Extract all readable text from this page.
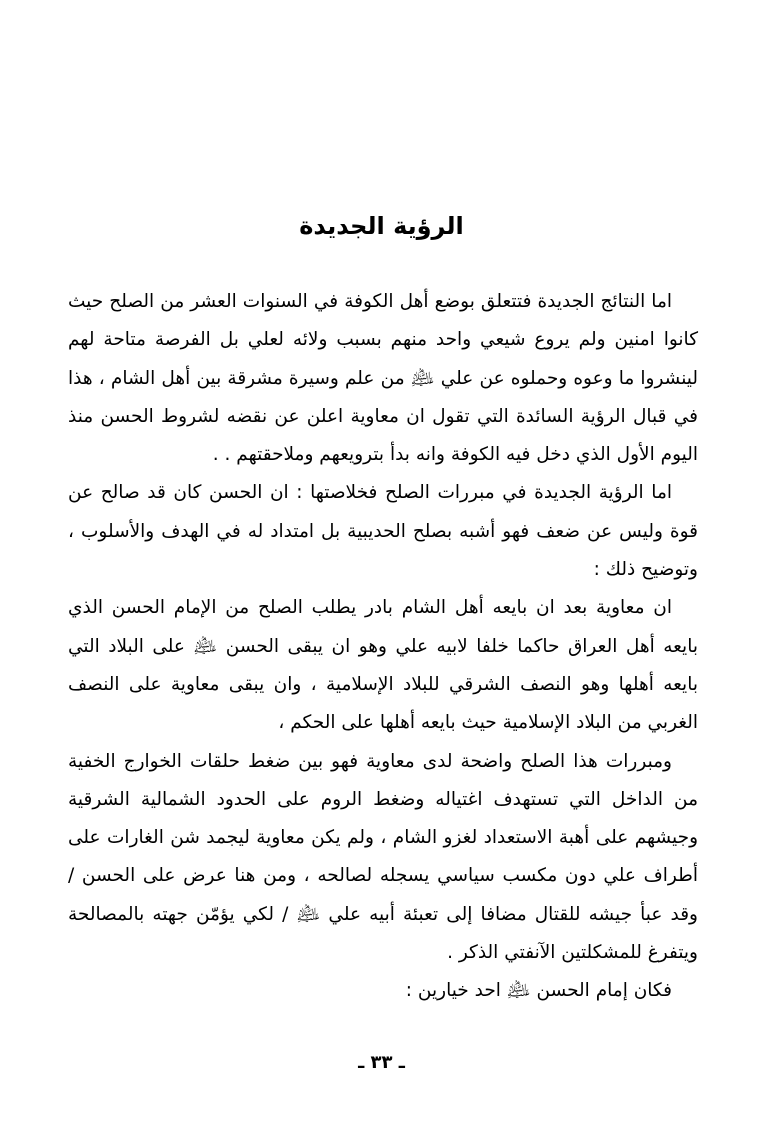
الرؤية الجديدة

اما النتائج الجديدة فتتعلق بوضع أهل الكوفة في السنوات العشر من الصلح حيث كانوا امنين ولم يروع شيعي واحد منهم بسبب ولائه لعلي بل الفرصة متاحة لهم لينشروا ما وعوه وحملوه عن علي ﵇ من علم وسيرة مشرقة بين أهل الشام ، هذا في قبال الرؤية السائدة التي تقول ان معاوية اعلن عن نقضه لشروط الحسن منذ اليوم الأول الذي دخل فيه الكوفة وانه بدأ بترويعهم وملاحقتهم . .

اما الرؤية الجديدة في مبررات الصلح فخلاصتها : ان الحسن كان قد صالح عن قوة وليس عن ضعف فهو أشبه بصلح الحديبية بل امتداد له في الهدف والأسلوب ، وتوضيح ذلك :

ان معاوية بعد ان بايعه أهل الشام بادر يطلب الصلح من الإمام الحسن الذي بايعه أهل العراق حاكما خلفا لابيه علي وهو ان يبقى الحسن ﵇ على البلاد التي بايعه أهلها وهو النصف الشرقي للبلاد الإسلامية ، وان يبقى معاوية على النصف الغربي من البلاد الإسلامية حيث بايعه أهلها على الحكم ،

ومبررات هذا الصلح واضحة لدى معاوية فهو بين ضغط حلقات الخوارج الخفية من الداخل التي تستهدف اغتياله وضغط الروم على الحدود الشمالية الشرقية وجيشهم على أهبة الاستعداد لغزو الشام ، ولم يكن معاوية ليجمد شن الغارات على أطراف علي دون مكسب سياسي يسجله لصالحه ، ومن هنا عرض على الحسن /وقد عبأ جيشه للقتال مضافا إلى تعبئة أبيه علي ﵇ / لكي يؤمّن جهته بالمصالحة ويتفرغ للمشكلتين الآنفتي الذكر .

فكان إمام الحسن ﵇ احد خيارين :

ـ ٣٣ ـ
